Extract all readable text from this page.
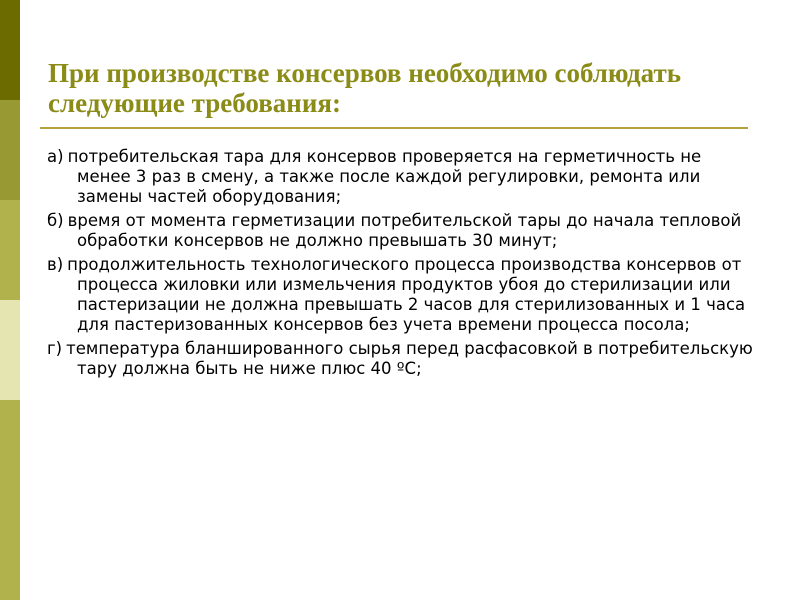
При производстве консервов необходимо соблюдать следующие требования:
а) потребительская тара для консервов проверяется на герметичность не менее 3 раз в смену, а также после каждой регулировки, ремонта или замены частей оборудования;
б) время от момента герметизации потребительской тары до начала тепловой обработки консервов не должно превышать 30 минут;
в) продолжительность технологического процесса производства консервов от процесса жиловки или измельчения продуктов убоя до стерилизации или пастеризации не должна превышать 2 часов для стерилизованных и 1 часа для пастеризованных консервов без учета времени процесса посола;
г) температура бланшированного сырья перед расфасовкой в потребительскую тару должна быть не ниже плюс 40 ºС;
